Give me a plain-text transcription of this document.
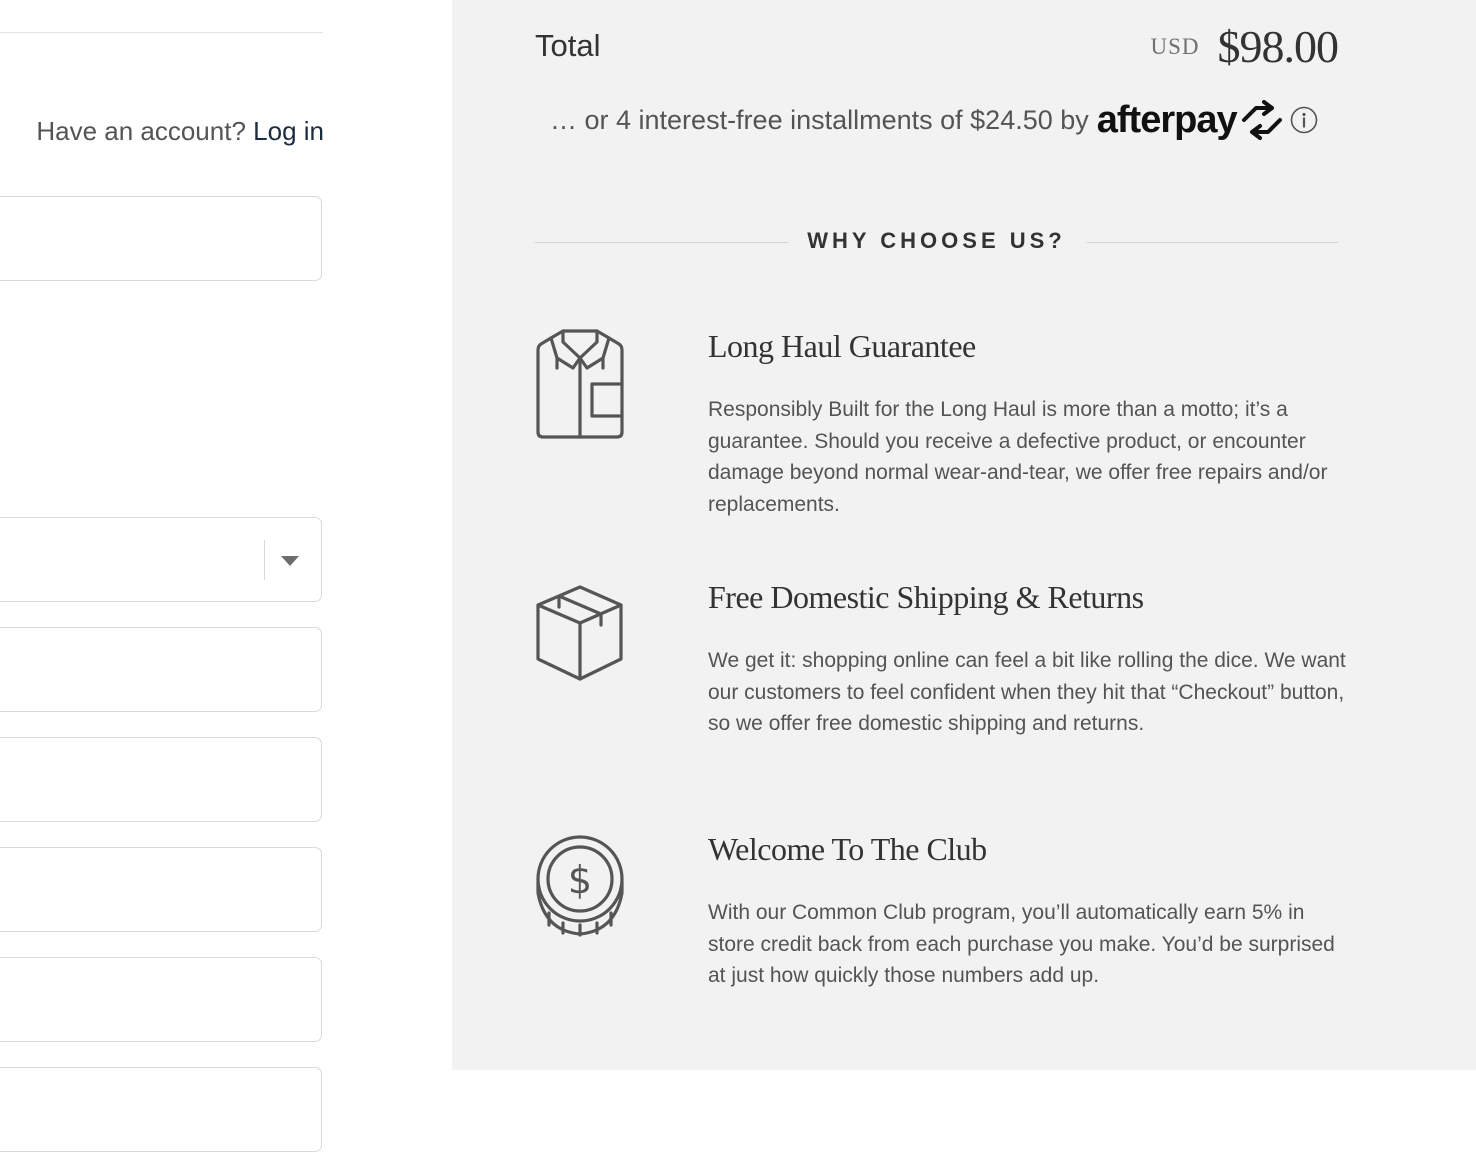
Have an account? Log in
Total	USD $98.00
… or 4 interest-free installments of $24.50 by afterpay
WHY CHOOSE US?
Long Haul Guarantee

Responsibly Built for the Long Haul is more than a motto; it’s a guarantee. Should you receive a defective product, or encounter damage beyond normal wear-and-tear, we offer free repairs and/or replacements.

Free Domestic Shipping & Returns

We get it: shopping online can feel a bit like rolling the dice. We want our customers to feel confident when they hit that “Checkout” button, so we offer free domestic shipping and returns.

$
Welcome To The Club

With our Common Club program, you’ll automatically earn 5% in store credit back from each purchase you make. You’d be surprised at just how quickly those numbers add up.
